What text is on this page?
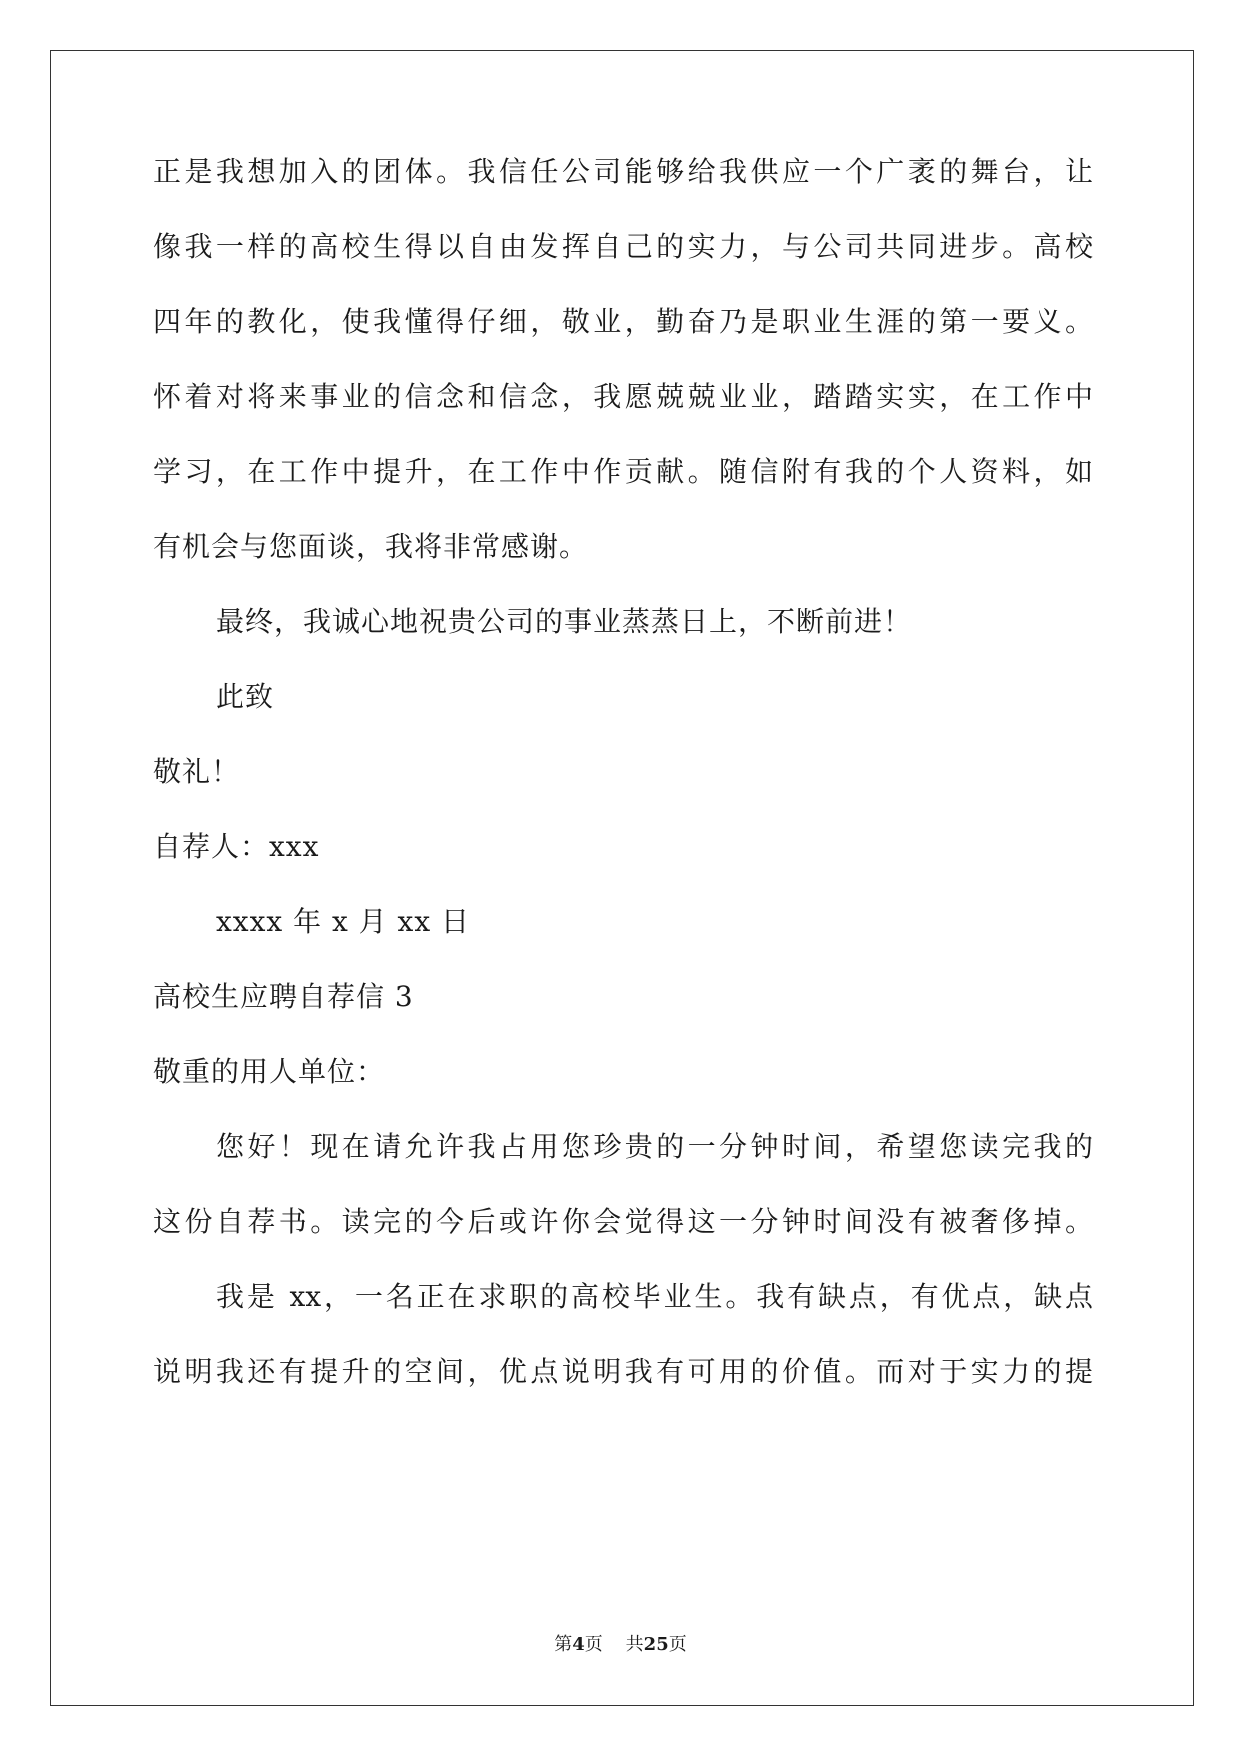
正是我想加入的团体。我信任公司能够给我供应一个广袤的舞台，让
像我一样的高校生得以自由发挥自己的实力，与公司共同进步。高校
四年的教化，使我懂得仔细，敬业，勤奋乃是职业生涯的第一要义。
怀着对将来事业的信念和信念，我愿兢兢业业，踏踏实实，在工作中
学习，在工作中提升，在工作中作贡献。随信附有我的个人资料，如
有机会与您面谈，我将非常感谢。
最终，我诚心地祝贵公司的事业蒸蒸日上，不断前进！
此致
敬礼！
自荐人：xxx
xxxx 年 x 月 xx 日
高校生应聘自荐信 3
敬重的用人单位：
您好！现在请允许我占用您珍贵的一分钟时间，希望您读完我的
这份自荐书。读完的今后或许你会觉得这一分钟时间没有被奢侈掉。
我是 xx，一名正在求职的高校毕业生。我有缺点，有优点，缺点
说明我还有提升的空间，优点说明我有可用的价值。而对于实力的提
第4页 共25页
